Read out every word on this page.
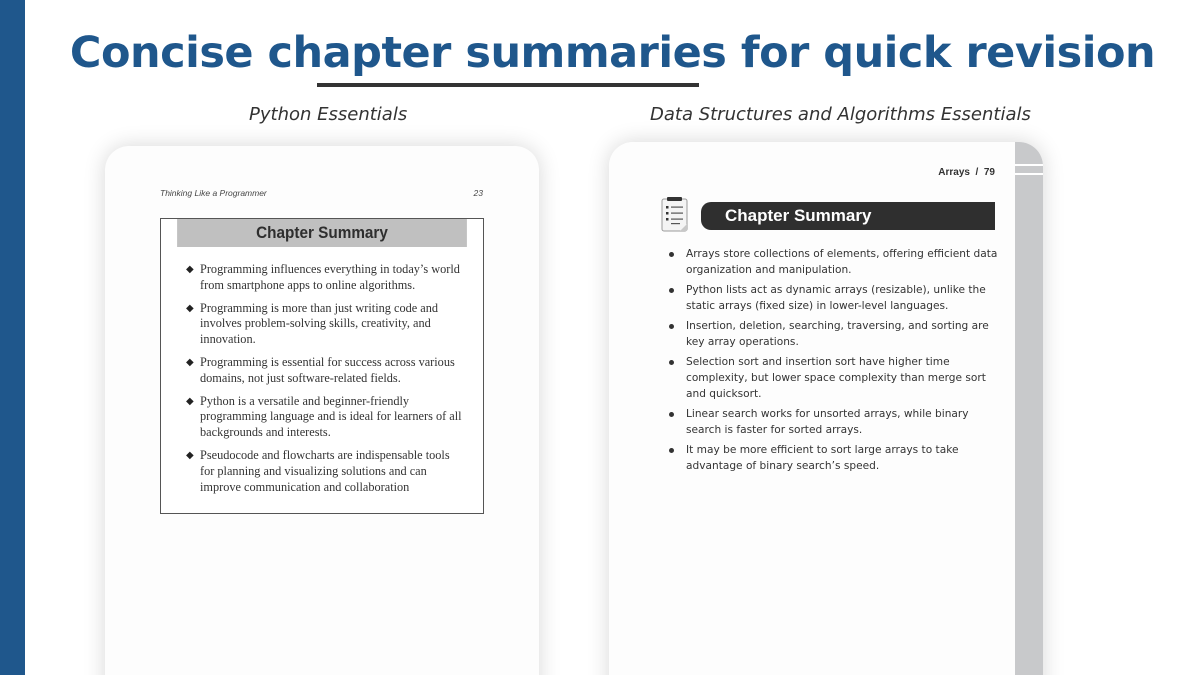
Concise chapter summaries for quick revision
Python Essentials	Data Structures and Algorithms Essentials
Thinking Like a Programmer	23
Chapter Summary
◆ Programming influences everything in today’s world from smartphone apps to online algorithms.
◆ Programming is more than just writing code and involves problem-solving skills, creativity, and innovation.
◆ Programming is essential for success across various domains, not just software-related fields.
◆ Python is a versatile and beginner-friendly programming language and is ideal for learners of all backgrounds and interests.
◆ Pseudocode and flowcharts are indispensable tools for planning and visualizing solutions and can improve communication and collaboration
Arrays  /  79
Chapter Summary
Arrays store collections of elements, offering efficient data organization and manipulation.
Python lists act as dynamic arrays (resizable), unlike the static arrays (fixed size) in lower-level languages.
Insertion, deletion, searching, traversing, and sorting are key array operations.
Selection sort and insertion sort have higher time complexity, but lower space complexity than merge sort and quicksort.
Linear search works for unsorted arrays, while binary search is faster for sorted arrays.
It may be more efficient to sort large arrays to take advantage of binary search’s speed.
